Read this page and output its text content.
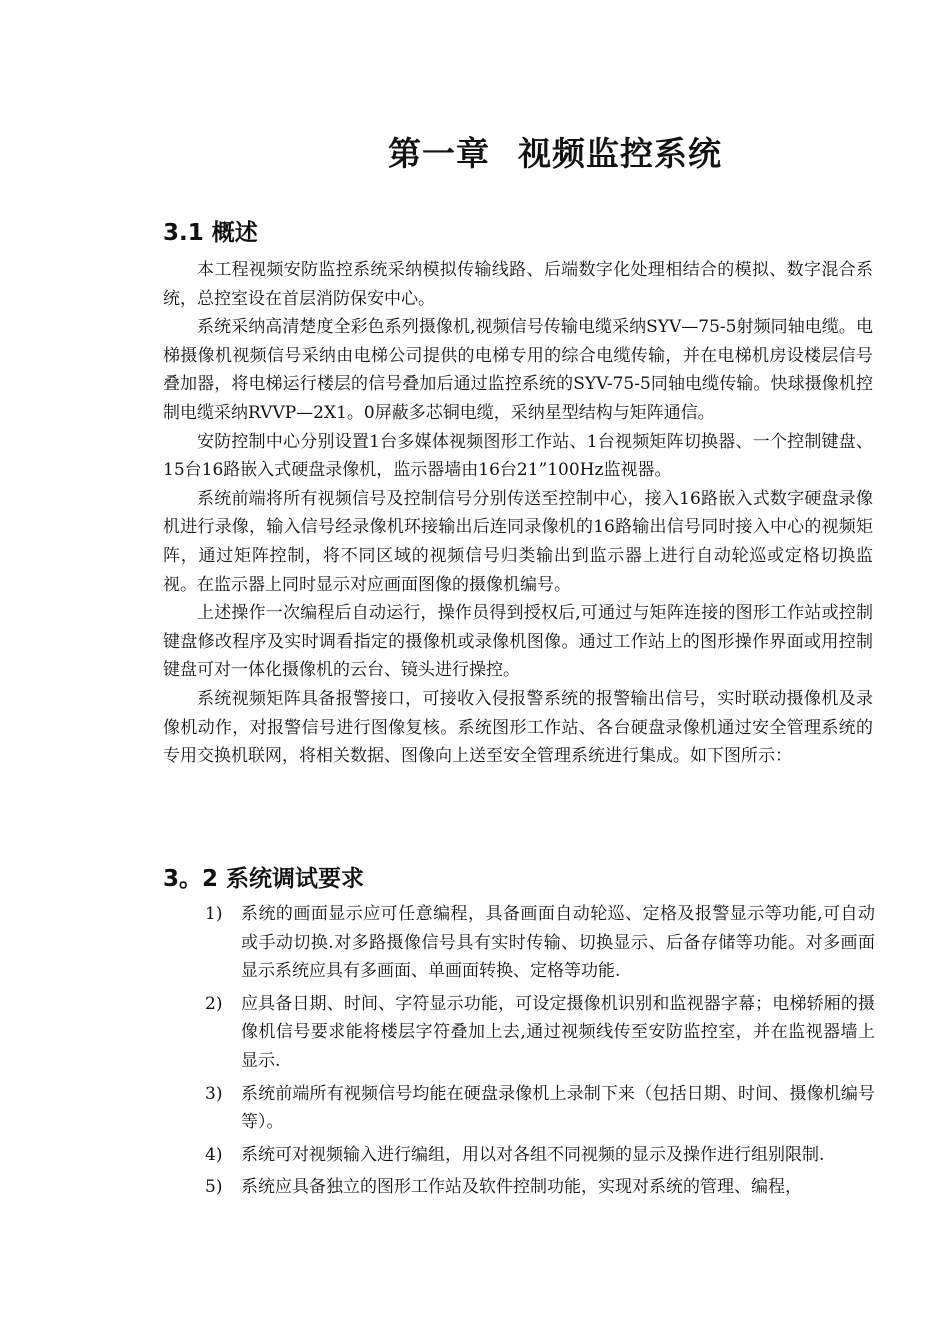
第一章 视频监控系统
3.1 概述

本工程视频安防监控系统采纳模拟传输线路、后端数字化处理相结合的模拟、数字混合系统，总控室设在首层消防保安中心。

系统采纳高清楚度全彩色系列摄像机,视频信号传输电缆采纳SYV—75-5射频同轴电缆。电梯摄像机视频信号采纳由电梯公司提供的电梯专用的综合电缆传输，并在电梯机房设楼层信号叠加器，将电梯运行楼层的信号叠加后通过监控系统的SYV-75-5同轴电缆传输。快球摄像机控制电缆采纳RVVP—2X1。0屏蔽多芯铜电缆，采纳星型结构与矩阵通信。

安防控制中心分别设置1台多媒体视频图形工作站、1台视频矩阵切换器、一个控制键盘、15台16路嵌入式硬盘录像机，监示器墙由16台21”100Hz监视器。

系统前端将所有视频信号及控制信号分别传送至控制中心，接入16路嵌入式数字硬盘录像机进行录像，输入信号经录像机环接输出后连同录像机的16路输出信号同时接入中心的视频矩阵，通过矩阵控制，将不同区域的视频信号归类输出到监示器上进行自动轮巡或定格切换监视。在监示器上同时显示对应画面图像的摄像机编号。

上述操作一次编程后自动运行，操作员得到授权后,可通过与矩阵连接的图形工作站或控制键盘修改程序及实时调看指定的摄像机或录像机图像。通过工作站上的图形操作界面或用控制键盘可对一体化摄像机的云台、镜头进行操控。

系统视频矩阵具备报警接口，可接收入侵报警系统的报警输出信号，实时联动摄像机及录像机动作，对报警信号进行图像复核。系统图形工作站、各台硬盘录像机通过安全管理系统的专用交换机联网，将相关数据、图像向上送至安全管理系统进行集成。如下图所示：

3。2 系统调试要求
1) 系统的画面显示应可任意编程，具备画面自动轮巡、定格及报警显示等功能,可自动或手动切换.对多路摄像信号具有实时传输、切换显示、后备存储等功能。对多画面显示系统应具有多画面、单画面转换、定格等功能.
2) 应具备日期、时间、字符显示功能，可设定摄像机识别和监视器字幕；电梯轿厢的摄像机信号要求能将楼层字符叠加上去,通过视频线传至安防监控室，并在监视器墙上显示.
3) 系统前端所有视频信号均能在硬盘录像机上录制下来（包括日期、时间、摄像机编号等）。
4) 系统可对视频输入进行编组，用以对各组不同视频的显示及操作进行组别限制.
5) 系统应具备独立的图形工作站及软件控制功能，实现对系统的管理、编程，
